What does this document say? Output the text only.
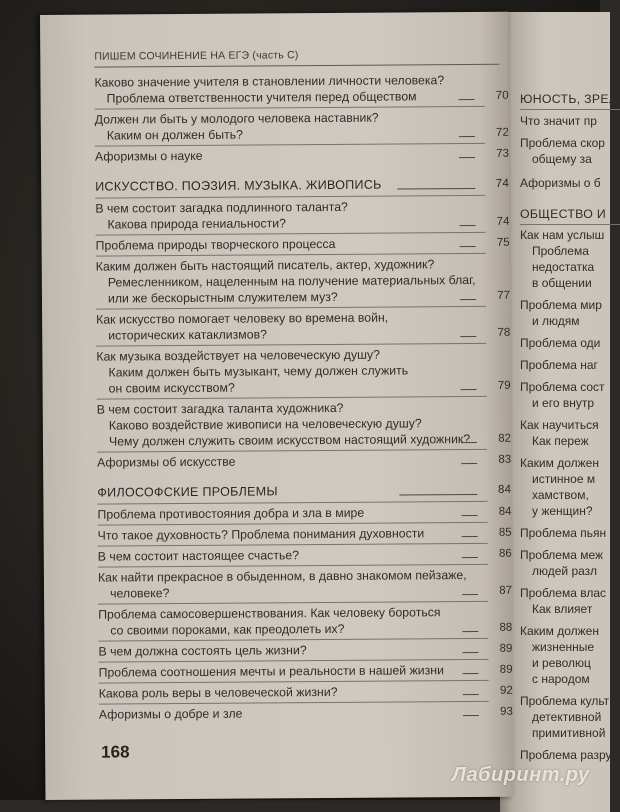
ЮНОСТЬ, ЗРЕЛ
Что значит пр
Проблема скор
общему за
Афоризмы о б
ОБЩЕСТВО И
Как нам услыш
Проблема
недостатка
в общении
Проблема мир
и людям
Проблема оди
Проблема наг
Проблема сост
и его внутр
Как научиться
Как переж
Каким должен
истинное м
хамством,
у женщин?
Проблема пьян
Проблема меж
людей разл
Проблема влас
Как влияет
Каким должен
жизненные
и революц
с народом
Проблема культ
детективной
примитивной
Проблема разру
ПИШЕМ СОЧИНЕНИЕ НА ЕГЭ (часть С)
Каково значение учителя в становлении личности человека?
Проблема ответственности учителя перед обществом	70
Должен ли быть у молодого человека наставник?
Каким он должен быть?	72
Афоризмы о науке	73
ИСКУССТВО. ПОЭЗИЯ. МУЗЫКА. ЖИВОПИСЬ	74
В чем состоит загадка подлинного таланта?
Какова природа гениальности?	74
Проблема природы творческого процесса	75
Каким должен быть настоящий писатель, актер, художник?
Ремесленником, нацеленным на получение материальных благ,
или же бескорыстным служителем муз?	77
Как искусство помогает человеку во времена войн,
исторических катаклизмов?	78
Как музыка воздействует на человеческую душу?
Каким должен быть музыкант, чему должен служить
он своим искусством?	79
В чем состоит загадка таланта художника?
Каково воздействие живописи на человеческую душу?
Чему должен служить своим искусством настоящий художник?	82
Афоризмы об искусстве	83
ФИЛОСОФСКИЕ ПРОБЛЕМЫ	84
Проблема противостояния добра и зла в мире	84
Что такое духовность? Проблема понимания духовности	85
В чем состоит настоящее счастье?	86
Как найти прекрасное в обыденном, в давно знакомом пейзаже,
человеке?	87
Проблема самосовершенствования. Как человеку бороться
со своими пороками, как преодолеть их?	88
В чем должна состоять цель жизни?	89
Проблема соотношения мечты и реальности в нашей жизни	89
Какова роль веры в человеческой жизни?	92
Афоризмы о добре и зле	93
168
Лабиринт.ру
